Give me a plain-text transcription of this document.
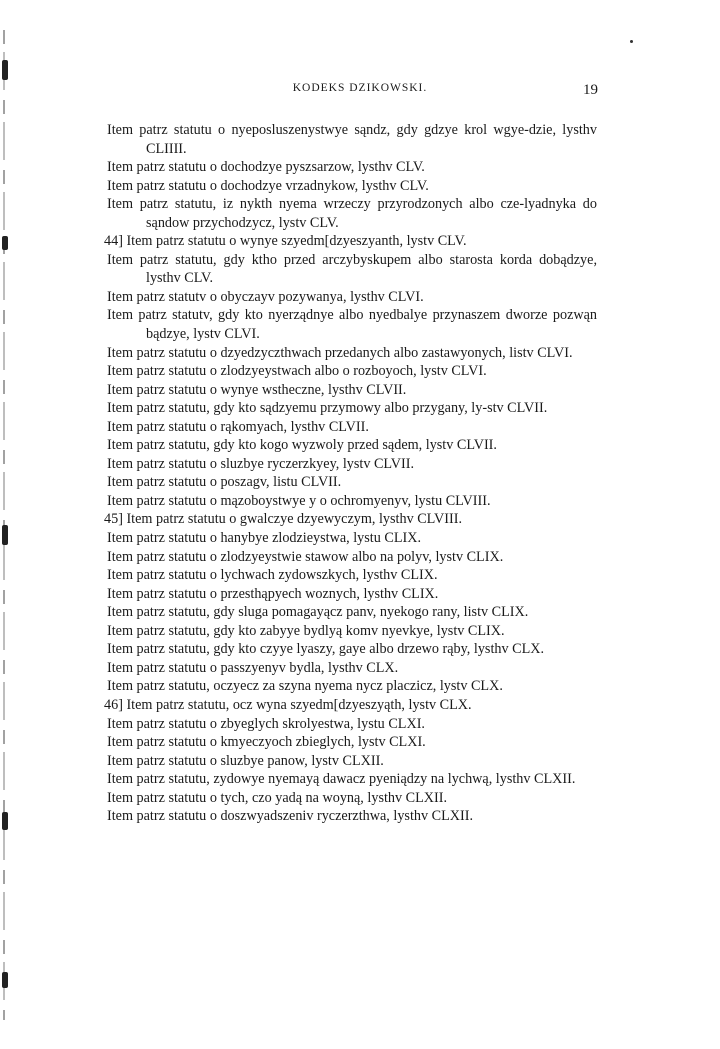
KODEKS DZIKOWSKI.	19
Item patrz statutu o nyeposluszenystwye sąndz, gdy gdzye krol wgye-dzie, lysthv CLIIII.
Item patrz statutu o dochodzye pyszsarzow, lysthv CLV.
Item patrz statutu o dochodzye vrzadnykow, lysthv CLV.
Item patrz statutu, iz nykth nyema wrzeczy przyrodzonych albo cze-lyadnyka do sąndow przychodzycz, lystv CLV.
44] Item patrz statutu o wynye szyedm[dzyeszyanth, lystv CLV.
Item patrz statutu, gdy ktho przed arczybyskupem albo starosta korda dobądzye, lysthv CLV.
Item patrz statutv o obyczayv pozywanya, lysthv CLVI.
Item patrz statutv, gdy kto nyerządnye albo nyedbalye przynaszem dworze pozwąn bądzye, lystv CLVI.
Item patrz statutu o dzyedzyczthwach przedanych albo zastawyonych, listv CLVI.
Item patrz statutu o zlodzyeystwach albo o rozboyoch, lystv CLVI.
Item patrz statutu o wynye wstheczne, lysthv CLVII.
Item patrz statutu, gdy kto sądzyemu przymowy albo przygany, ly-stv CLVII.
Item patrz statutu o rąkomyach, lysthv CLVII.
Item patrz statutu, gdy kto kogo wyzwoly przed sądem, lystv CLVII.
Item patrz statutu o sluzbye ryczerzkyey, lystv CLVII.
Item patrz statutu o poszagv, listu CLVII.
Item patrz statutu o mązoboystwye y o ochromyenyv, lystu CLVIII.
45] Item patrz statutu o gwalczye dzyewyczym, lysthv CLVIII.
Item patrz statutu o hanybye zlodzieystwa, lystu CLIX.
Item patrz statutu o zlodzyeystwie stawow albo na polyv, lystv CLIX.
Item patrz statutu o lychwach zydowszkych, lysthv CLIX.
Item patrz statutu o przesthąpyech woznych, lysthv CLIX.
Item patrz statutu, gdy sluga pomagayącz panv, nyekogo rany, listv CLIX.
Item patrz statutu, gdy kto zabyye bydlyą komv nyevkye, lystv CLIX.
Item patrz statutu, gdy kto czyye lyaszy, gaye albo drzewo rąby, lysthv CLX.
Item patrz statutu o passzyenyv bydla, lysthv CLX.
Item patrz statutu, oczyecz za szyna nyema nycz placzicz, lystv CLX.
46] Item patrz statutu, ocz wyna szyedm[dzyeszyąth, lystv CLX.
Item patrz statutu o zbyeglych skrolyestwa, lystu CLXI.
Item patrz statutu o kmyeczyoch zbieglych, lystv CLXI.
Item patrz statutu o sluzbye panow, lystv CLXII.
Item patrz statutu, zydowye nyemayą dawacz pyeniądzy na lychwą, lysthv CLXII.
Item patrz statutu o tych, czo yadą na woyną, lysthv CLXII.
Item patrz statutu o doszwyadszeniv ryczerzthwa, lysthv CLXII.
